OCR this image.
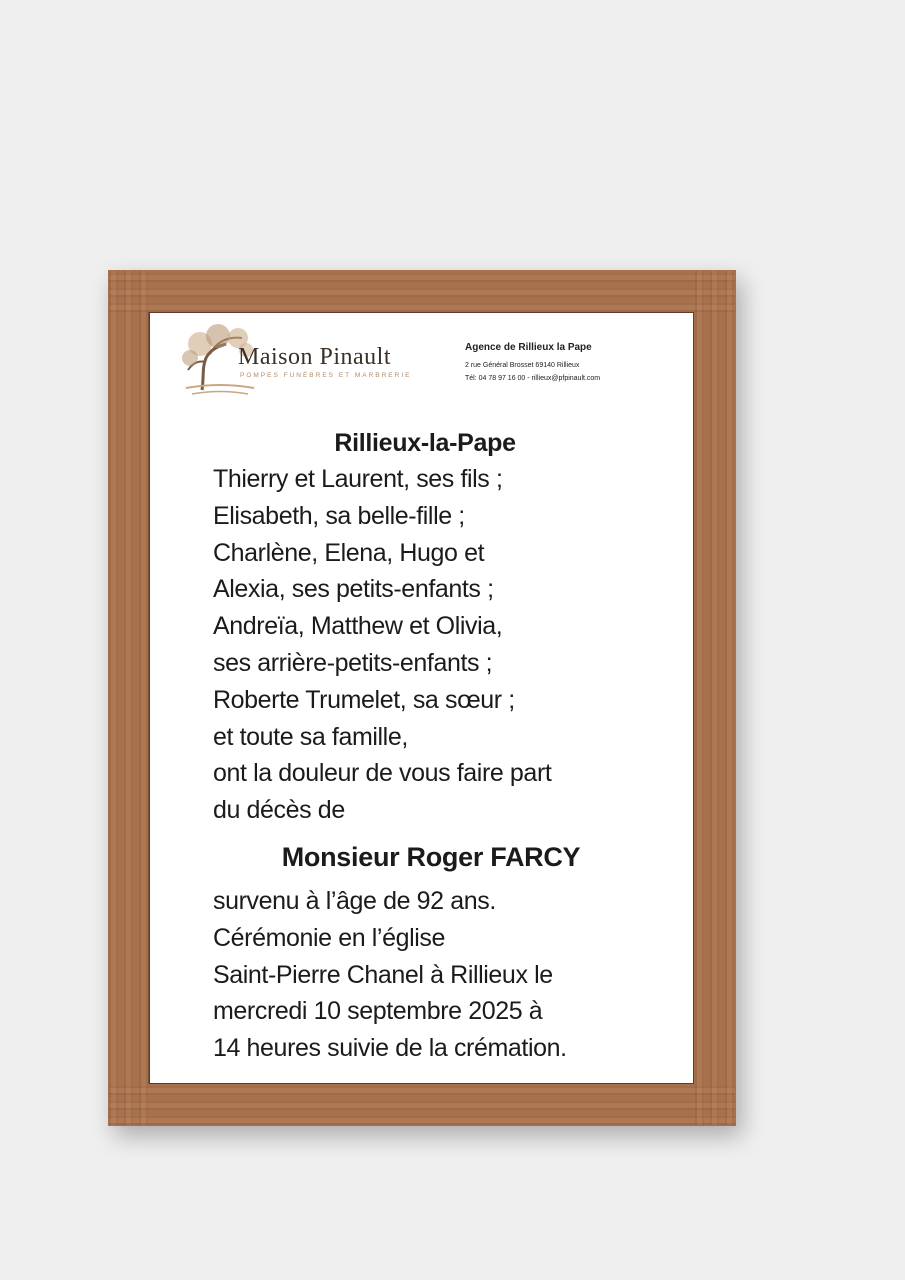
Maison Pinault
POMPES FUNÈBRES ET MARBRERIE
Agence de Rillieux la Pape
2 rue Général Brosset 69140 Rillieux
Tél: 04 78 97 16 00 - rillieux@pfpinault.com
Rillieux-la-Pape
Thierry et Laurent, ses fils ;
Elisabeth, sa belle-fille ;
Charlène, Elena, Hugo et
Alexia, ses petits-enfants ;
Andreïa, Matthew et Olivia,
ses arrière-petits-enfants ;
Roberte Trumelet, sa sœur ;
et toute sa famille,
ont la douleur de vous faire part
du décès de
Monsieur Roger FARCY
survenu à l’âge de 92 ans.
Cérémonie en l’église
Saint-Pierre Chanel à Rillieux le
mercredi 10 septembre 2025 à
14 heures suivie de la crémation.
